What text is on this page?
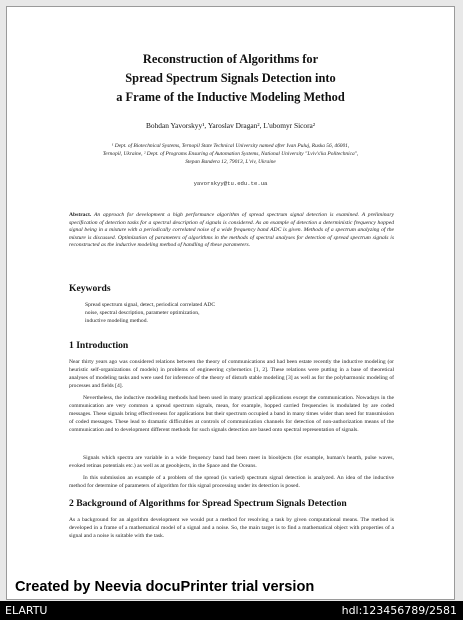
Reconstruction of Algorithms for
Spread Spectrum Signals Detection into
a Frame of the Inductive Modeling Method
Bohdan Yavorskyy¹, Yaroslav Dragan², L'ubomyr Sicora²
¹ Dept. of Biotechnical Systems, Ternopil State Technical University named after Ivan Puluj, Ruska 56, 46001,
Ternopil, Ukraine, ² Dept. of Programs Ensuring of Automation Systems, National University "Lviv's'ka Politechnica",
Stepan Bandera 12, 79013, L'viv, Ukraine
yavorskyy@tu.edu.te.ua
Abstract. An approach for development a high performance algorithm of spread spectrum signal detection is examined. A preliminary specification of detection tasks for a spectral description of signals is considered. As an example of detection a deterministic frequency hopped signal being in a mixture with a periodically correlated noise of a wide frequency band ADC is given. Methods of a spectrum analyzing of the mixture is discussed. Optimization of parameters of algorithms in the methods of spectral analyses for detection of spread spectrum signals is reconstructed as the inductive modeling method of handling of these parameters.
Keywords
Spread spectrum signal, detect, periodical correlated ADC
noise, spectral description, parameter optimization,
inductive modeling method.
1 Introduction
Near thirty years ago was considered relations between the theory of communications and had been estate recently the inductive modeling (or heuristic self-organizations of models) in problems of engineering cybernetics [1, 2]. These relations were putting in a base of theoretical analyses of modeling tasks and were used for inference of the theory of disturb stable modeling [3] as well as for the polyharmonic modeling of processes and fields [4].
Nevertheless, the inductive modeling methods had been used in many practical applications except the communication. Nowadays in the communication are very common a spread spectrum signals, mean, for example, hopped carried frequencies is modulated by are coded messages. These signals bring effectiveness for applications but their spectrum occupied a band in many times wider than need for transmission of coded messages. These lead to dramatic difficulties at controls of communication channels for detection of non-authorization means of the communication and to development different methods for such signals detection are based onto spectral representation of signals.
Signals which spectra are variable in a wide frequency band had been meet in bioobjects (for example, human's hearth, pulse waves, evoked retinas potentials etc.) as well as at geoobjects, in the Space and the Oceans.
In this submission an example of a problem of the spread (is varied) spectrum signal detection is analyzed. An idea of the inductive method for determine of parameters of algorithm for this signal processing under its detection is posed.
2 Background of Algorithms for Spread Spectrum Signals Detection
As a background for an algorithm development we would put a method for resolving a task by given computational means. The method is developed in a frame of a mathematical model of a signal and a noise. So, the main target is to find a mathematical object with properties of a signal and a noise is suitable with the task.
Created by Neevia docuPrinter trial version
ELARTU	hdl:123456789/2581
